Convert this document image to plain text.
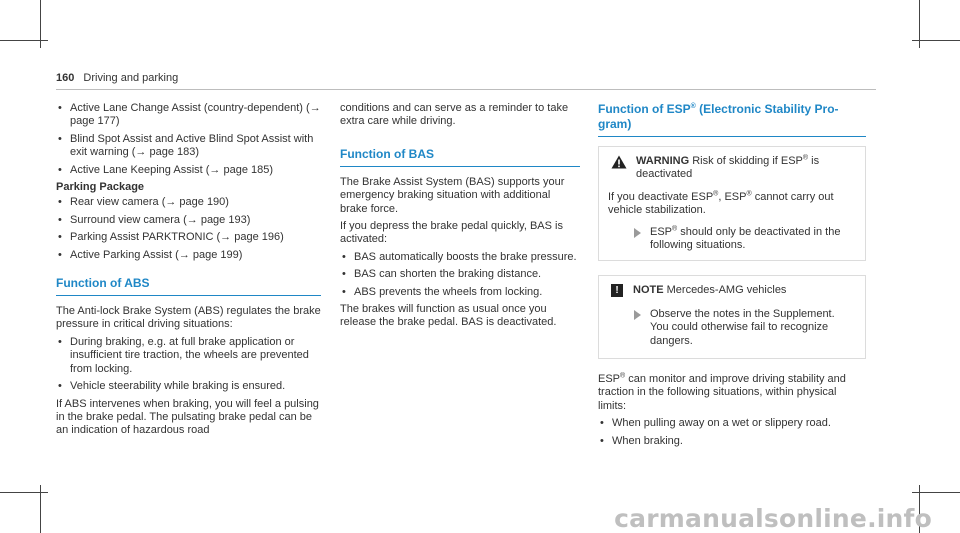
160 Driving and parking
• Active Lane Change Assist (country-dependent) (→ page 177)
• Blind Spot Assist and Active Blind Spot Assist with exit warning (→ page 183)
• Active Lane Keeping Assist (→ page 185)
Parking Package
• Rear view camera (→ page 190)
• Surround view camera (→ page 193)
• Parking Assist PARKTRONIC (→ page 196)
• Active Parking Assist (→ page 199)
Function of ABS

The Anti-lock Brake System (ABS) regulates the brake pressure in critical driving situations:

• During braking, e.g. at full brake application or insufficient tire traction, the wheels are prevented from locking.
• Vehicle steerability while braking is ensured.

If ABS intervenes when braking, you will feel a pulsing in the brake pedal. The pulsating brake pedal can be an indication of hazardous road

conditions and can serve as a reminder to take extra care while driving.

Function of BAS

The Brake Assist System (BAS) supports your emergency braking situation with additional brake force.

If you depress the brake pedal quickly, BAS is activated:

• BAS automatically boosts the brake pressure.
• BAS can shorten the braking distance.
• ABS prevents the wheels from locking.

The brakes will function as usual once you release the brake pedal. BAS is deactivated.

Function of ESP® (Electronic Stability Program)
WARNING Risk of skidding if ESP® is deactivated

If you deactivate ESP®, ESP® cannot carry out vehicle stabilization.

ESP® should only be deactivated in the following situations.
!	NOTE Mercedes-AMG vehicles
Observe the notes in the Supplement. You could otherwise fail to recognize dangers.

ESP® can monitor and improve driving stability and traction in the following situations, within physical limits:

• When pulling away on a wet or slippery road.
• When braking.
carmanualsonline.info
